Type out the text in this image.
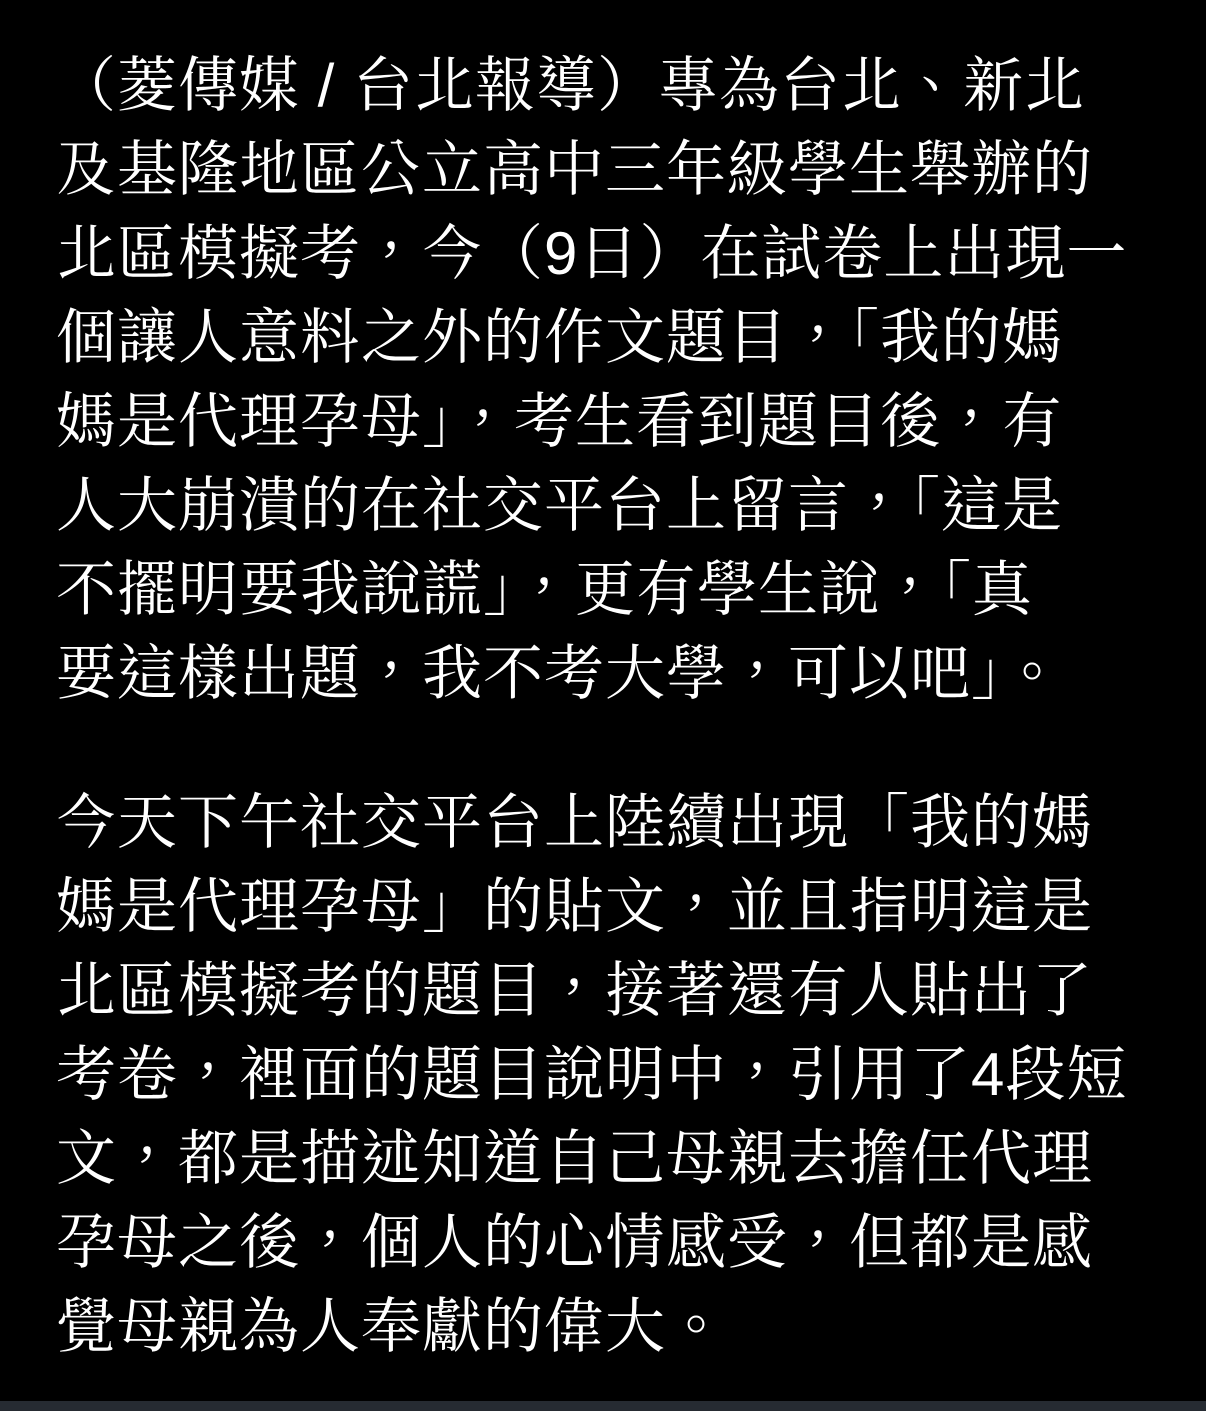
（菱傳媒 / 台北報導）專為台北、新北
及基隆地區公立高中三年級學生舉辦的
北區模擬考，今（9日）在試卷上出現一
個讓人意料之外的作文題目，「我的媽
媽是代理孕母」，考生看到題目後，有
人大崩潰的在社交平台上留言，「這是
不擺明要我說謊」，更有學生說，「真
要這樣出題，我不考大學，可以吧」。
今天下午社交平台上陸續出現「我的媽
媽是代理孕母」的貼文，並且指明這是
北區模擬考的題目，接著還有人貼出了
考卷，裡面的題目說明中，引用了4段短
文，都是描述知道自己母親去擔任代理
孕母之後，個人的心情感受，但都是感
覺母親為人奉獻的偉大。
